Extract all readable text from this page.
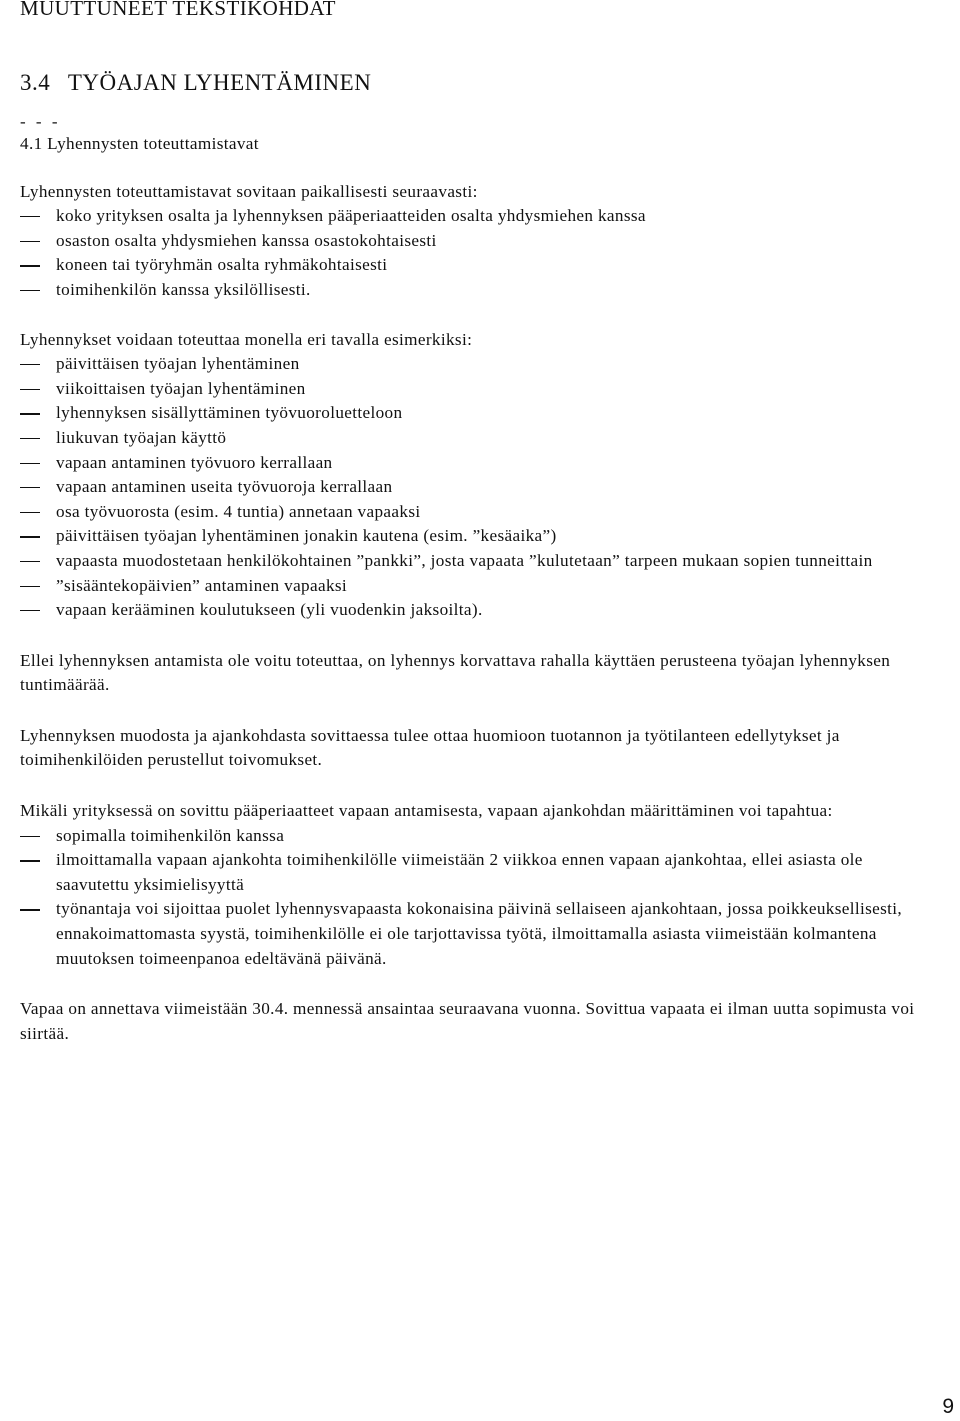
MUUTTUNEET TEKSTIKOHDAT
3.4 TYÖAJAN LYHENTÄMINEN
- - -

4.1 Lyhennysten toteuttamistavat

Lyhennysten toteuttamistavat sovitaan paikallisesti seuraavasti:

koko yrityksen osalta ja lyhennyksen pääperiaatteiden osalta yhdysmiehen kanssa
osaston osalta yhdysmiehen kanssa osastokohtaisesti
koneen tai työryhmän osalta ryhmäkohtaisesti
toimihenkilön kanssa yksilöllisesti.

Lyhennykset voidaan toteuttaa monella eri tavalla esimerkiksi:

päivittäisen työajan lyhentäminen
viikoittaisen työajan lyhentäminen
lyhennyksen sisällyttäminen työvuoroluetteloon
liukuvan työajan käyttö
vapaan antaminen työvuoro kerrallaan
vapaan antaminen useita työvuoroja kerrallaan
osa työvuorosta (esim. 4 tuntia) annetaan vapaaksi
päivittäisen työajan lyhentäminen jonakin kautena (esim. ”kesäaika”)
vapaasta muodostetaan henkilökohtainen ”pankki”, josta vapaata ”kulutetaan” tarpeen mukaan sopien tunneittain
”sisääntekopäivien” antaminen vapaaksi
vapaan kerääminen koulutukseen (yli vuodenkin jaksoilta).

Ellei lyhennyksen antamista ole voitu toteuttaa, on lyhennys korvattava rahalla käyttäen perusteena työajan lyhennyksen tuntimäärää.

Lyhennyksen muodosta ja ajankohdasta sovittaessa tulee ottaa huomioon tuotannon ja työtilanteen edellytykset ja toimihenkilöiden perustellut toivomukset.

Mikäli yrityksessä on sovittu pääperiaatteet vapaan antamisesta, vapaan ajankohdan määrittäminen voi tapahtua:

sopimalla toimihenkilön kanssa
ilmoittamalla vapaan ajankohta toimihenkilölle viimeistään 2 viikkoa ennen vapaan ajankohtaa, ellei asiasta ole saavutettu yksimielisyyttä
työnantaja voi sijoittaa puolet lyhennysvapaasta kokonaisina päivinä sellaiseen ajankohtaan, jossa poikkeuksellisesti, ennakoimattomasta syystä, toimihenkilölle ei ole tarjottavissa työtä, ilmoittamalla asiasta viimeistään kolmantena muutoksen toimeenpanoa edeltävänä päivänä.

Vapaa on annettava viimeistään 30.4. mennessä ansaintaa seuraavana vuonna. Sovittua vapaata ei ilman uutta sopimusta voi siirtää.

9
